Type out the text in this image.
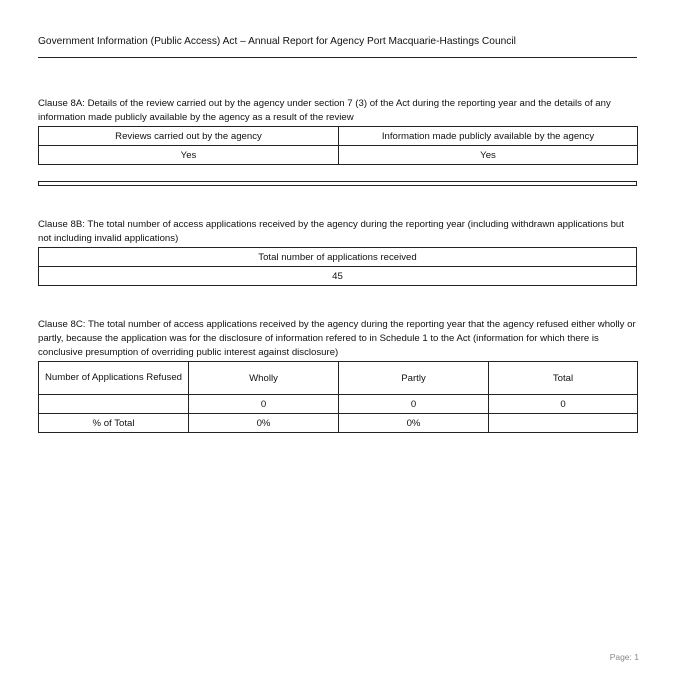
Government Information (Public Access) Act – Annual Report for Agency Port Macquarie-Hastings Council
Clause 8A: Details of the review carried out by the agency under section 7 (3) of the Act during the reporting year and the details of any information made publicly available by the agency as a result of the review
Reviews carried out by the agency	Information made publicly available by the agency
Yes	Yes
Clause 8B: The total number of access applications received by the agency during the reporting year (including withdrawn applications but not including invalid applications)
Total number of applications received
45
Clause 8C: The total number of access applications received by the agency during the reporting year that the agency refused either wholly or partly, because the application was for the disclosure of information refered to in Schedule 1 to the Act (information for which there is conclusive presumption of overriding public interest against disclosure)
Number of Applications Refused	Wholly	Partly	Total
	0	0	0
% of Total	0%	0%	
Page: 1
